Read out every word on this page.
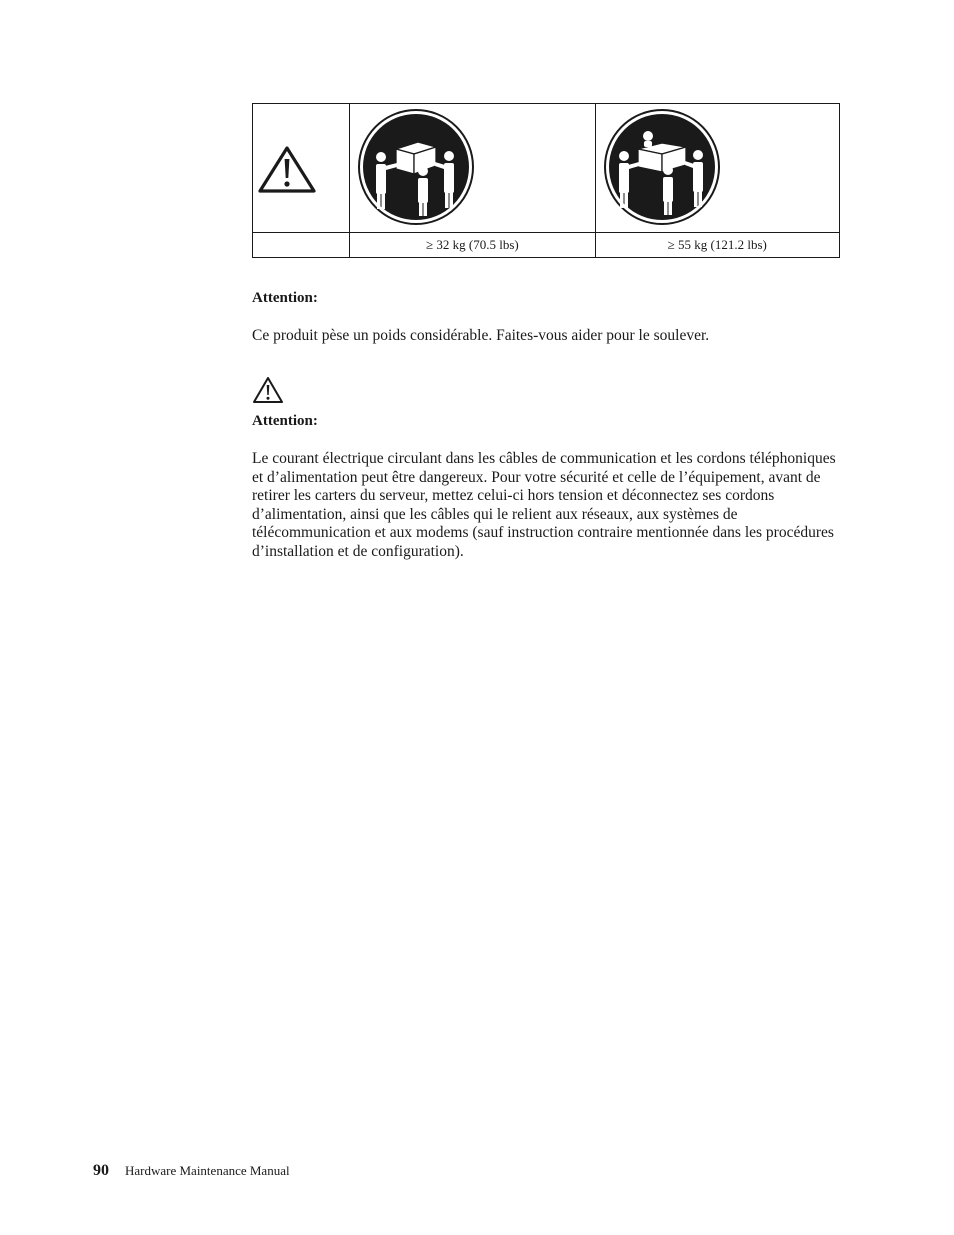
	≥ 32 kg (70.5 lbs)	≥ 55 kg (121.2 lbs)

Attention:

Ce produit pèse un poids considérable. Faites-vous aider pour le soulever.

Attention:

Le courant électrique circulant dans les câbles de communication et les cordons téléphoniques et d’alimentation peut être dangereux. Pour votre sécurité et celle de l’équipement, avant de retirer les carters du serveur, mettez celui-ci hors tension et déconnectez ses cordons d’alimentation, ainsi que les câbles qui le relient aux réseaux, aux systèmes de télécommunication et aux modems (sauf instruction contraire mentionnée dans les procédures d’installation et de configuration).

90 Hardware Maintenance Manual
